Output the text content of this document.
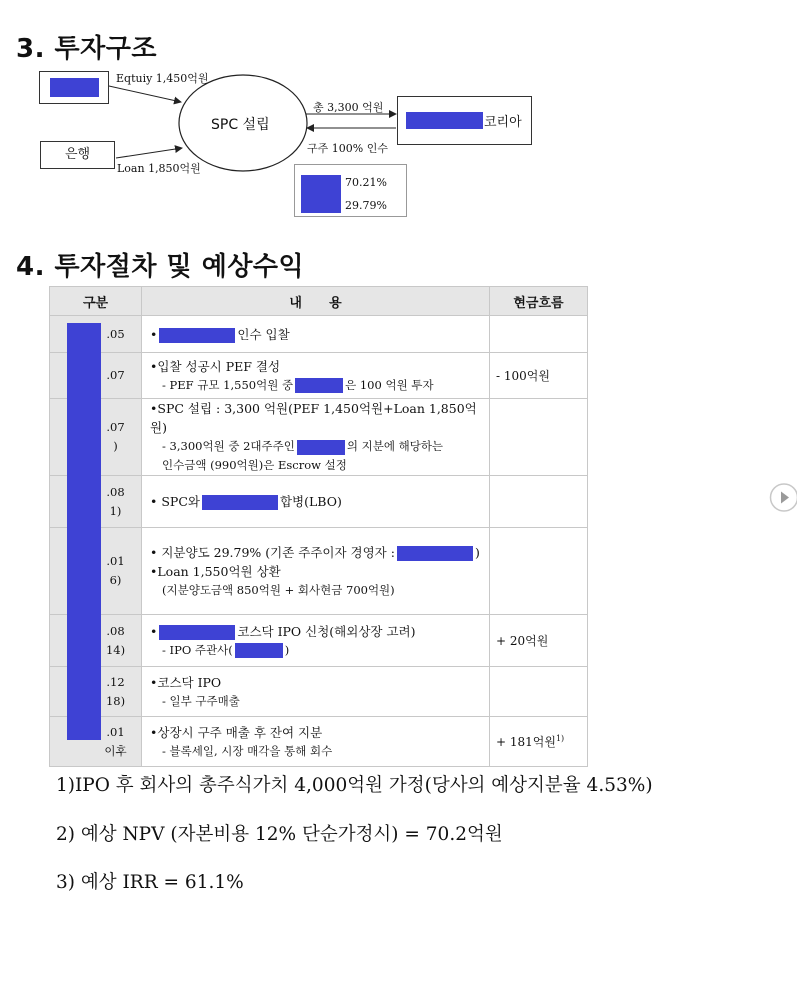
3. 투자구조
Eqtuiy 1,450억원
은행
Loan 1,850억원
SPC 설립
총 3,300 억원
구주 100% 인수
코리아
70.21%
29.79%
4. 투자절차 및 예상수익
구분	내      용	현금흐름

.05	• 인수 입찰	

.07	•입찰 성공시 PEF 결성
- PEF 규모 1,550억원 중 은 100 억원 투자	- 100억원

.07
)	•SPC 설립 : 3,300 억원(PEF 1,450억원+Loan 1,850억원)
- 3,300억원 중 2대주주인 의 지분에 해당하는
인수금액 (990억원)은 Escrow 설정	

.08
1)	• SPC와 합병(LBO)	

.01
6)	• 지분양도 29.79% (기존 주주이자 경영자 : )
•Loan 1,550억원 상환
(지분양도금액 850억원 + 회사현금 700억원)	

.08
14)	• 코스닥 IPO 신청(해외상장 고려)
- IPO 주관사( )	+ 20억원

.12
18)	•코스닥 IPO
- 일부 구주매출	

.01
이후	•상장시 구주 매출 후 잔여 지분
- 블록세일, 시장 매각을 통해 회수	+ 181억원$^{1)}$
1)IPO 후 회사의 총주식가치 4,000억원 가정(당사의 예상지분율 4.53%)
2) 예상 NPV (자본비용 12% 단순가정시) = 70.2억원
3) 예상 IRR = 61.1%
